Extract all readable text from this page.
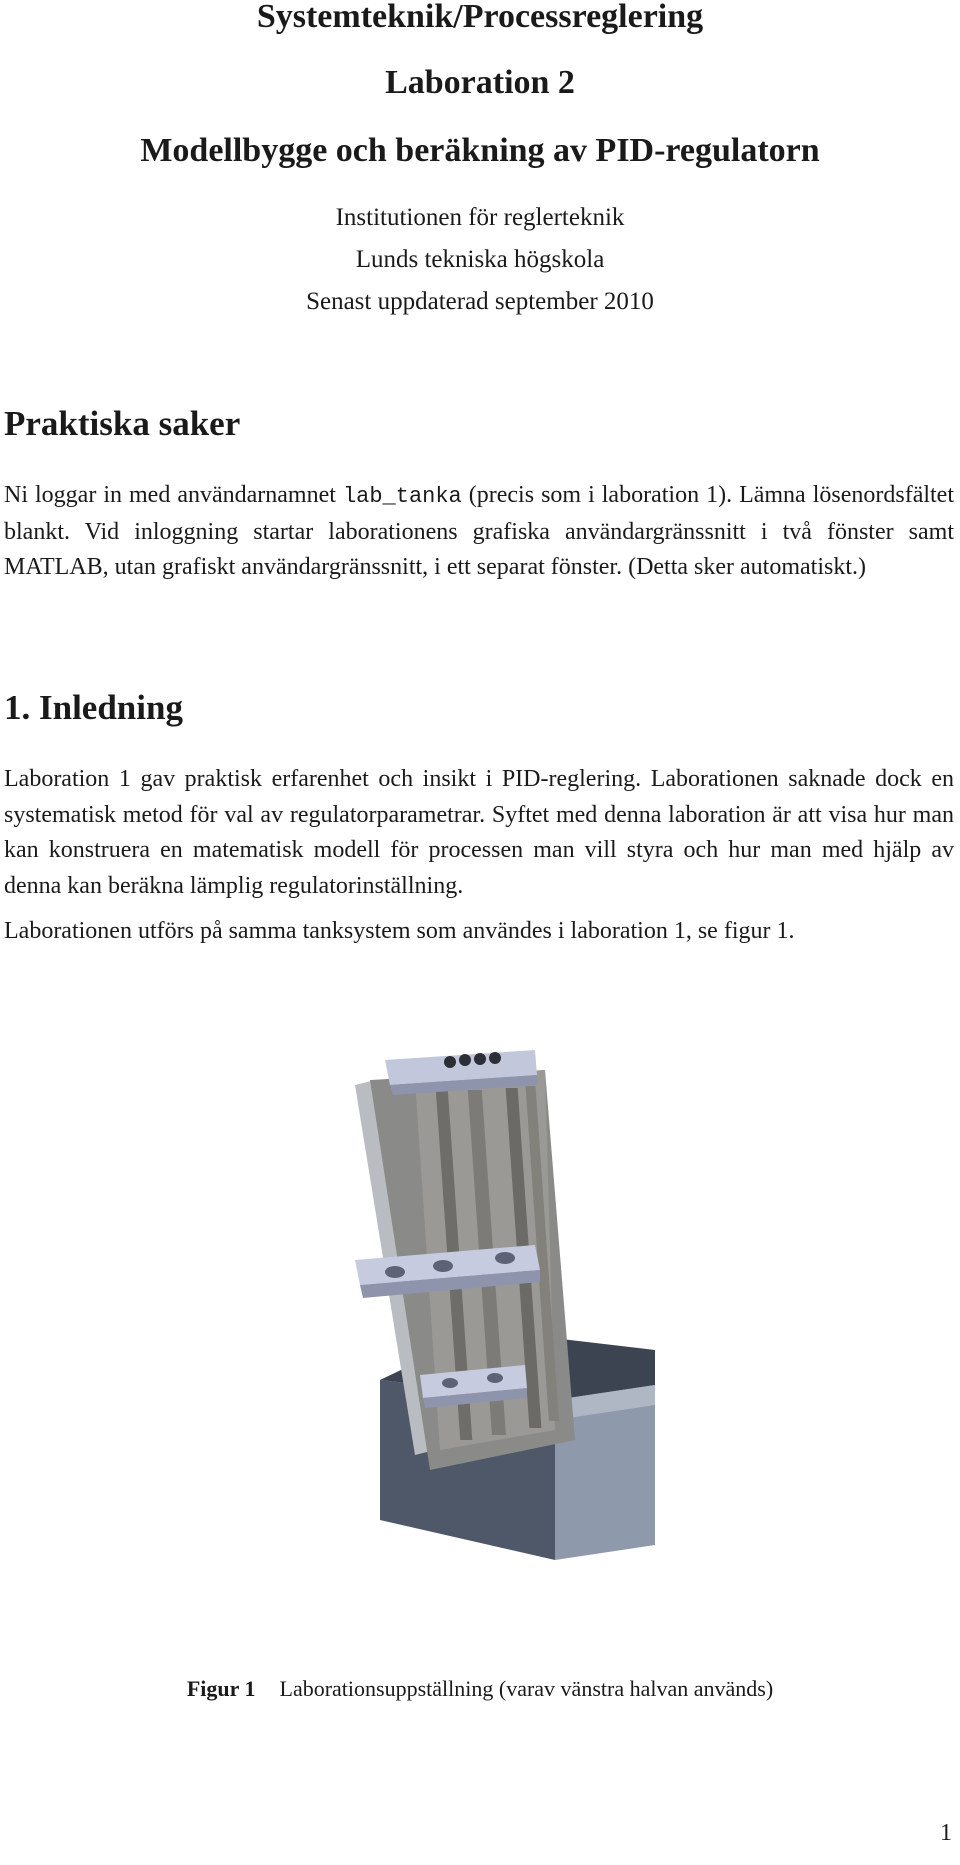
Systemteknik/Processreglering
Laboration 2
Modellbygge och beräkning av PID-regulatorn
Institutionen för reglerteknik
Lunds tekniska högskola
Senast uppdaterad september 2010
Praktiska saker

Ni loggar in med användarnamnet lab_tanka (precis som i laboration 1). Lämna lösenordsfältet blankt. Vid inloggning startar laborationens grafiska användargränssnitt i två fönster samt MATLAB, utan grafiskt användargränssnitt, i ett separat fönster. (Detta sker automatiskt.)

1. Inledning

Laboration 1 gav praktisk erfarenhet och insikt i PID-reglering. Laborationen saknade dock en systematisk metod för val av regulatorparametrar. Syftet med denna laboration är att visa hur man kan konstruera en matematisk modell för processen man vill styra och hur man med hjälp av denna kan beräkna lämplig regulatorinställning.

Laborationen utförs på samma tanksystem som användes i laboration 1, se figur 1.

Figur 1 Laborationsuppställning (varav vänstra halvan används)
1
